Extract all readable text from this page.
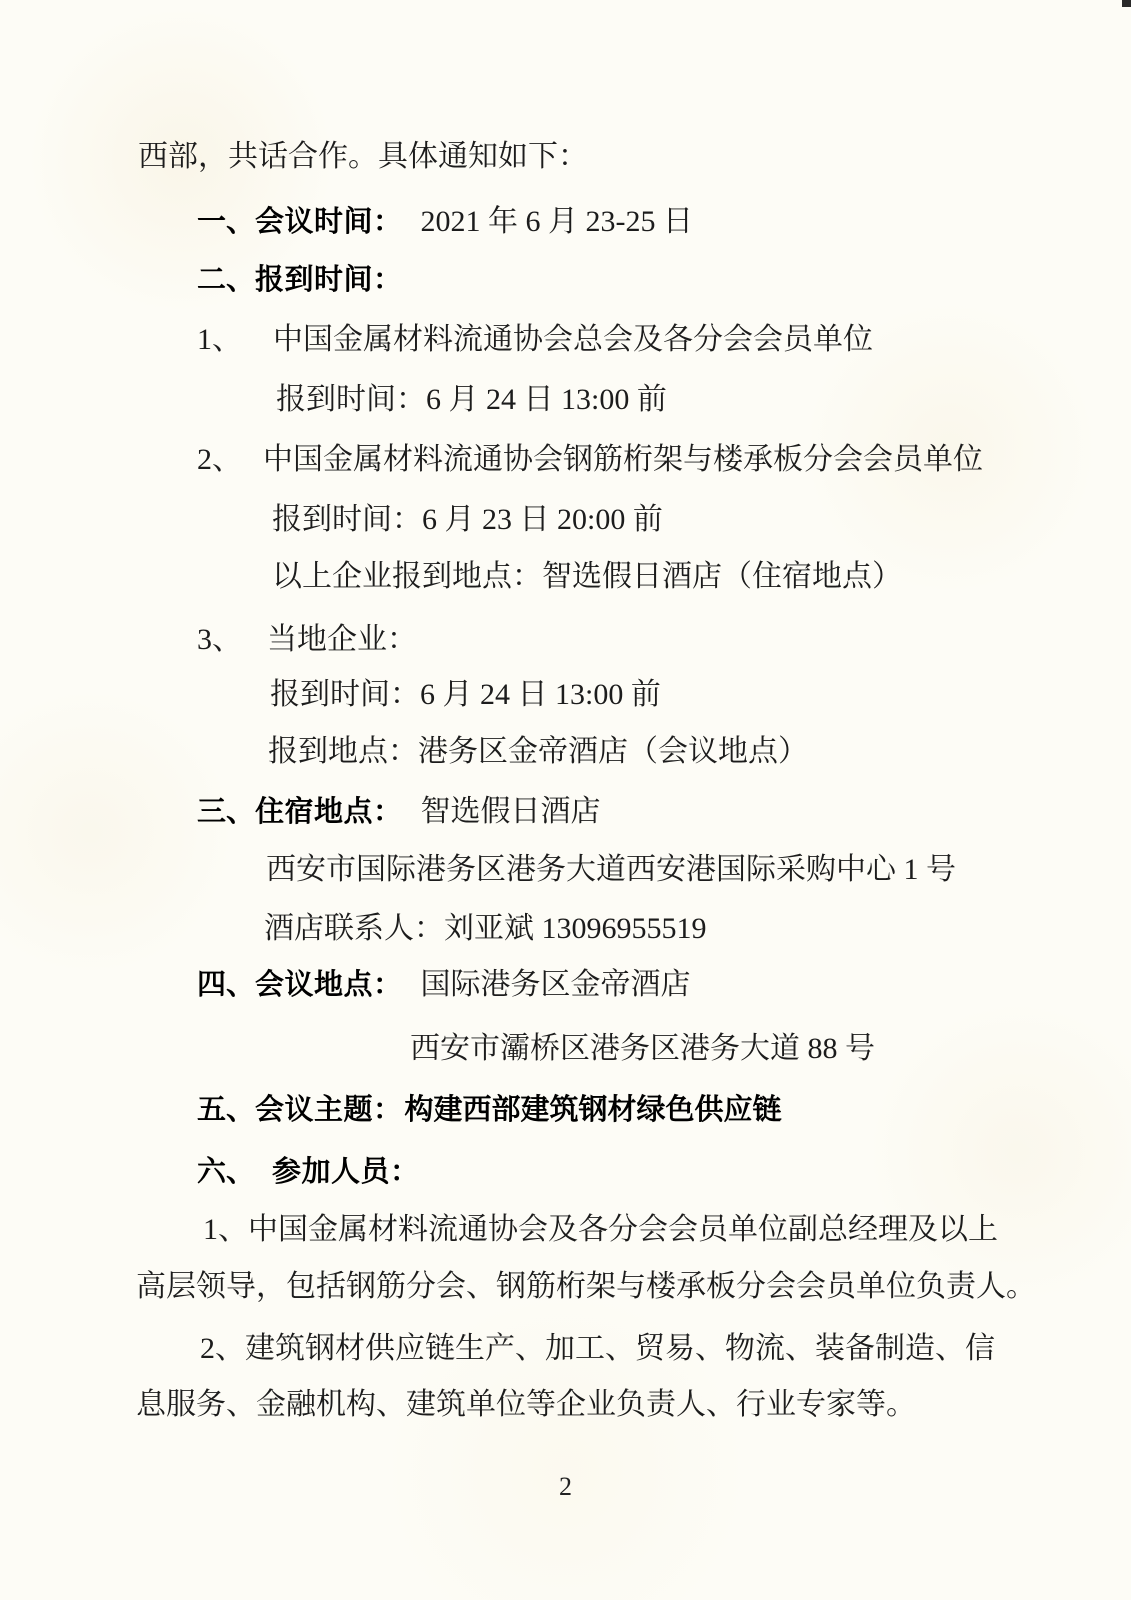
西部，共话合作。具体通知如下：
一、会议时间： 2021 年 6 月 23-25 日
二、报到时间：
1、 中国金属材料流通协会总会及各分会会员单位
报到时间：6 月 24 日 13:00 前
2、 中国金属材料流通协会钢筋桁架与楼承板分会会员单位
报到时间：6 月 23 日 20:00 前
以上企业报到地点：智选假日酒店（住宿地点）
3、 当地企业：
报到时间：6 月 24 日 13:00 前
报到地点：港务区金帝酒店（会议地点）
三、住宿地点： 智选假日酒店
西安市国际港务区港务大道西安港国际采购中心 1 号
酒店联系人：刘亚斌 13096955519
四、会议地点： 国际港务区金帝酒店
西安市灞桥区港务区港务大道 88 号
五、会议主题：构建西部建筑钢材绿色供应链
六、 参加人员：
1、中国金属材料流通协会及各分会会员单位副总经理及以上
高层领导，包括钢筋分会、钢筋桁架与楼承板分会会员单位负责人。
2、建筑钢材供应链生产、加工、贸易、物流、装备制造、信
息服务、金融机构、建筑单位等企业负责人、行业专家等。
2
